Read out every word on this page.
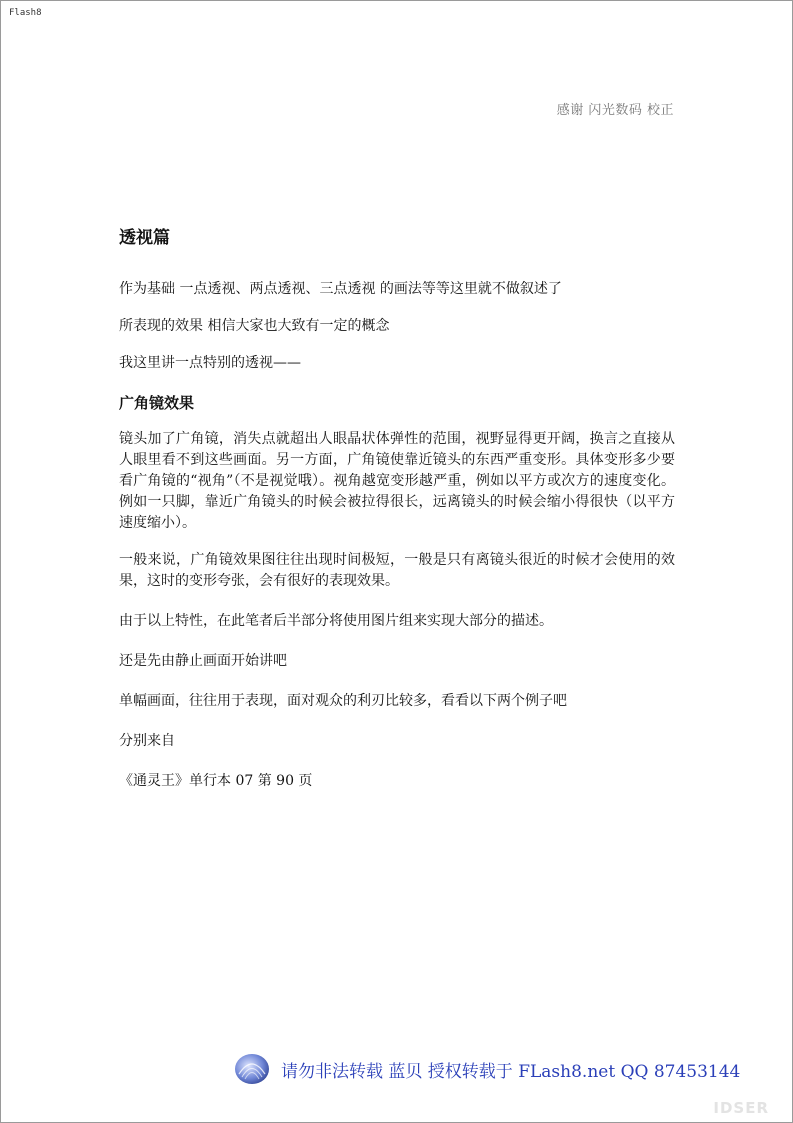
Flash8
感谢 闪光数码 校正
透视篇

作为基础 一点透视、两点透视、三点透视 的画法等等这里就不做叙述了

所表现的效果 相信大家也大致有一定的概念

我这里讲一点特别的透视——

广角镜效果

镜头加了广角镜，消失点就超出人眼晶状体弹性的范围，视野显得更开阔，换言之直接从人眼里看不到这些画面。另一方面，广角镜使靠近镜头的东西严重变形。具体变形多少要看广角镜的“视角”（不是视觉哦）。视角越宽变形越严重，例如以平方或次方的速度变化。例如一只脚，靠近广角镜头的时候会被拉得很长，远离镜头的时候会缩小得很快（以平方速度缩小）。

一般来说，广角镜效果图往往出现时间极短，一般是只有离镜头很近的时候才会使用的效果，这时的变形夸张，会有很好的表现效果。

由于以上特性，在此笔者后半部分将使用图片组来实现大部分的描述。

还是先由静止画面开始讲吧

单幅画面，往往用于表现，面对观众的利刃比较多，看看以下两个例子吧

分别来自

《通灵王》单行本 07 第 90 页

请勿非法转载 蓝贝 授权转载于 FLash8.net QQ 87453144
IDSER
